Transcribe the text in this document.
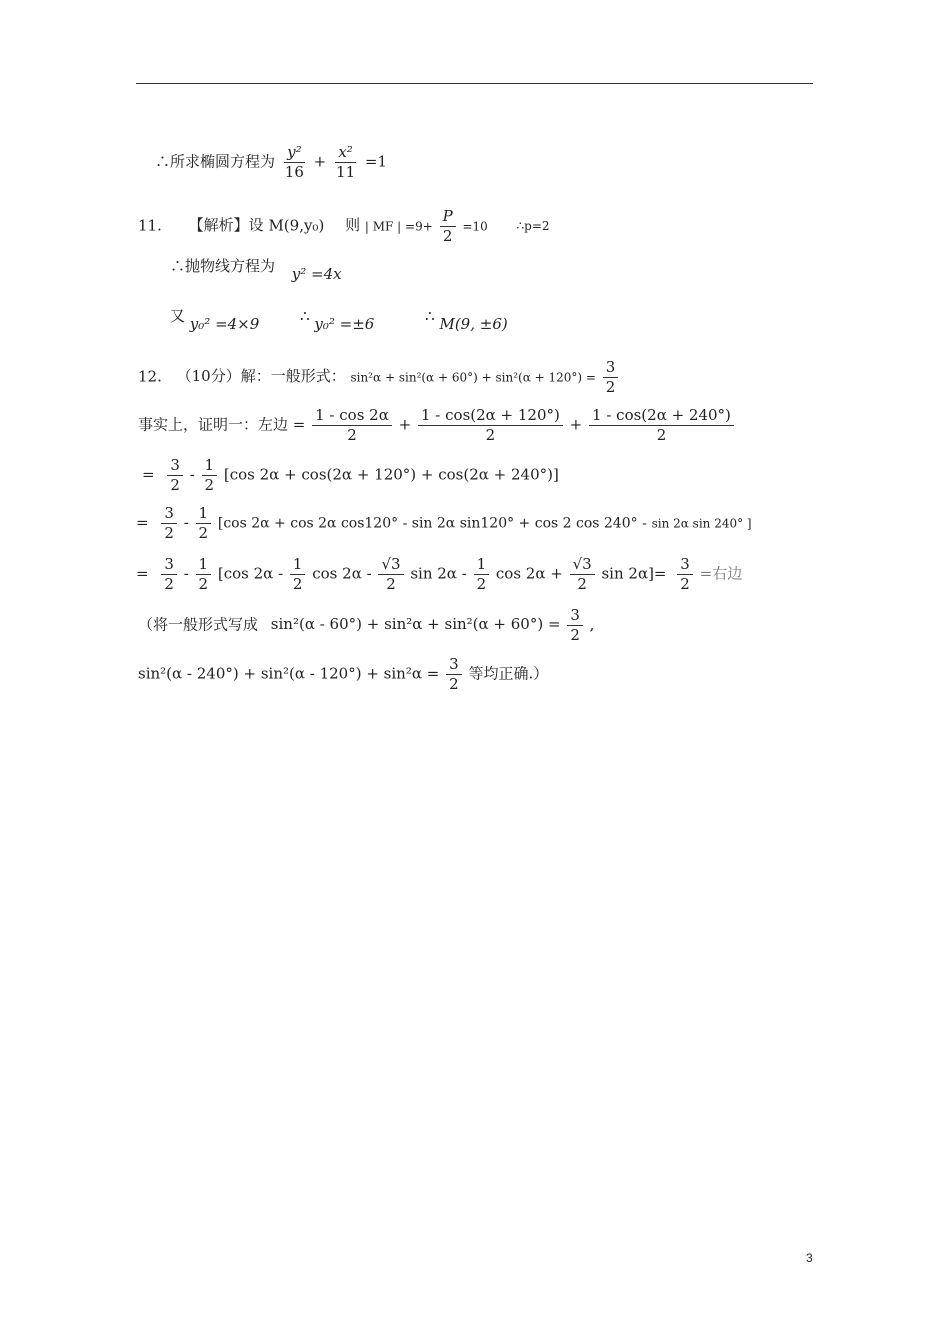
∴所求椭圆方程为 $\frac{\text{y²}}{16} + \frac{\text{x²}}{11} =1$
11. 【解析】设 M(9,y₀) 则 | MF | $=9+ \frac{P}{2} =10$ ∴p=2
∴抛物线方程为 y² =4x
又 y₀² =4×9	∴ y₀² =±6	∴ M(9, ±6)
12. （10分）解：一般形式： $\sin^2\alpha + \sin^2(\alpha + 60^\circ) + \sin^2(\alpha + 120^\circ) = \frac{3}{2}$
事实上，证明一：左边 = $\frac{1 - \cos 2\alpha}{2} + \frac{1 - \cos(2\alpha + 120^\circ)}{2} + \frac{1 - \cos(2\alpha + 240^\circ)}{2}$
= $\frac{3}{2} - \frac{1}{2} [\cos$ 2α + cos(2α + 120°) + cos(2α + 240°)]
= $\frac{3}{2} - \frac{1}{2} [\cos$ 2α + cos 2α cos120° - sin 2α sin120° + cos 2 cos 240° - sin 2α sin 240° ]
= $\frac{3}{2} - \frac{1}{2} [\cos$ $2\alpha - \frac{1}{2}$ $\cos 2\alpha - \frac{√3}{2}$ $\sin 2\alpha - \frac{1}{2}$ $\cos 2\alpha + \frac{√3}{2}$ $\sin 2\alpha]= \frac{3}{2}$ =右边
（将一般形式写成 $\sin^2(\alpha - 60^\circ) + \sin^2\alpha + \sin^2(\alpha + 60^\circ) = \frac{3}{2}$ ,
$\sin^2(\alpha - 240^\circ) + \sin^2(\alpha - 120^\circ) + \sin^2\alpha = \frac{3}{2}$ 等均正确.）
3
